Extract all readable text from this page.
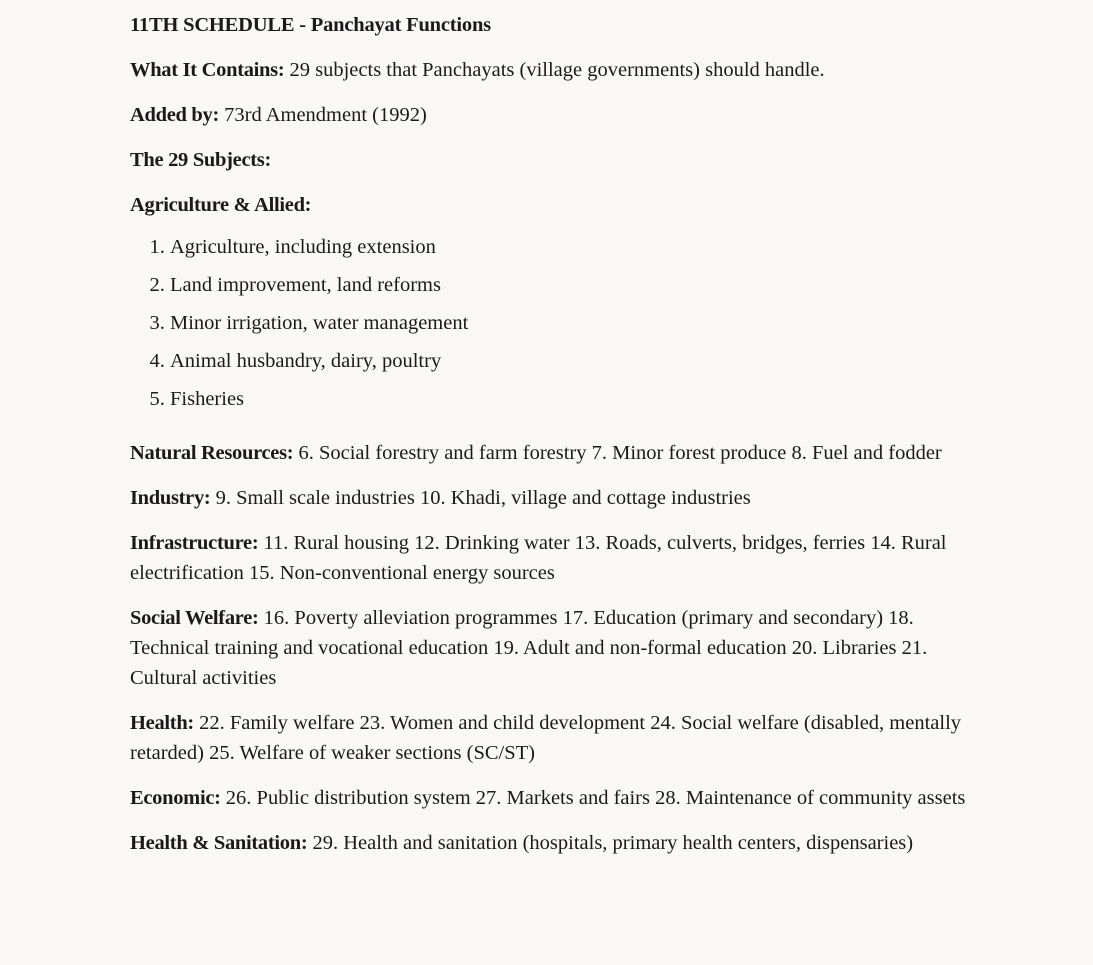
11TH SCHEDULE - Panchayat Functions

What It Contains: 29 subjects that Panchayats (village governments) should handle.

Added by: 73rd Amendment (1992)

The 29 Subjects:

Agriculture & Allied:

1. Agriculture, including extension
2. Land improvement, land reforms
3. Minor irrigation, water management
4. Animal husbandry, dairy, poultry
5. Fisheries

Natural Resources: 6. Social forestry and farm forestry 7. Minor forest produce 8. Fuel and fodder

Industry: 9. Small scale industries 10. Khadi, village and cottage industries

Infrastructure: 11. Rural housing 12. Drinking water 13. Roads, culverts, bridges, ferries 14. Rural electrification 15. Non-conventional energy sources

Social Welfare: 16. Poverty alleviation programmes 17. Education (primary and secondary) 18. Technical training and vocational education 19. Adult and non-formal education 20. Libraries 21. Cultural activities

Health: 22. Family welfare 23. Women and child development 24. Social welfare (disabled, mentally retarded) 25. Welfare of weaker sections (SC/ST)

Economic: 26. Public distribution system 27. Markets and fairs 28. Maintenance of community assets

Health & Sanitation: 29. Health and sanitation (hospitals, primary health centers, dispensaries)
